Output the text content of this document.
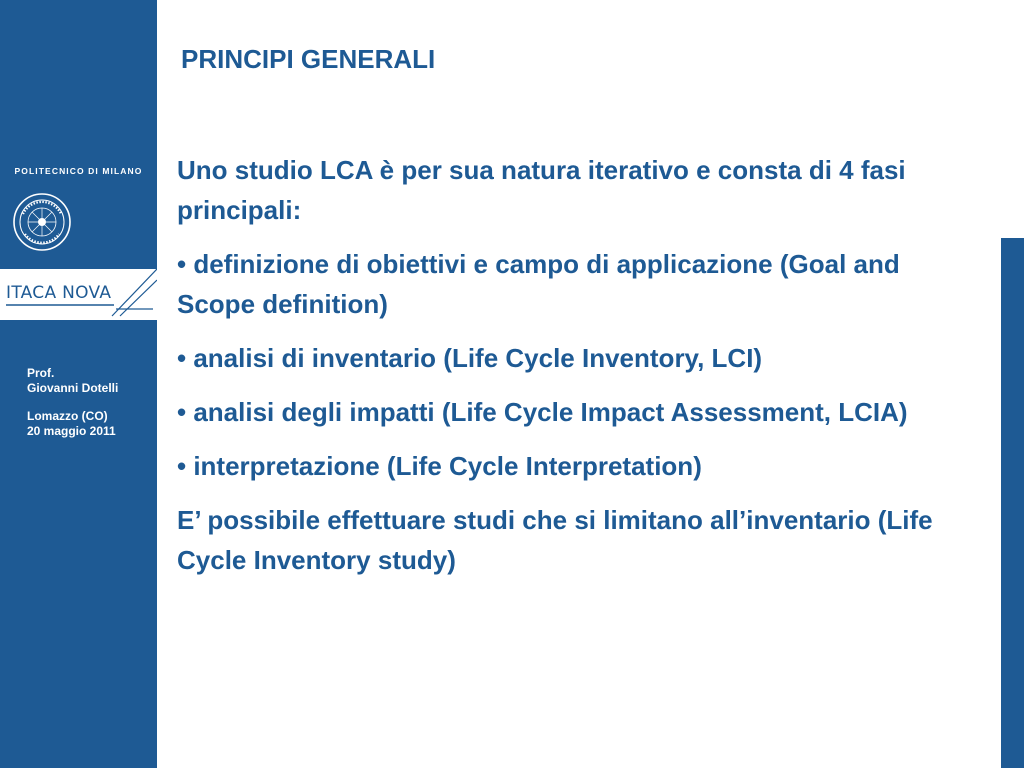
POLITECNICO DI MILANO
ITACA NOVA
Prof.
Giovanni Dotelli
Lomazzo (CO)
20 maggio 2011
PRINCIPI GENERALI

Uno studio LCA è per sua natura iterativo e consta di 4 fasi principali:

• definizione di obiettivi e campo di applicazione (Goal and Scope definition)

• analisi di inventario (Life Cycle Inventory, LCI)

• analisi degli impatti (Life Cycle Impact Assessment, LCIA)

• interpretazione (Life Cycle Interpretation)

E’ possibile effettuare studi che si limitano all’inventario (Life Cycle Inventory study)
